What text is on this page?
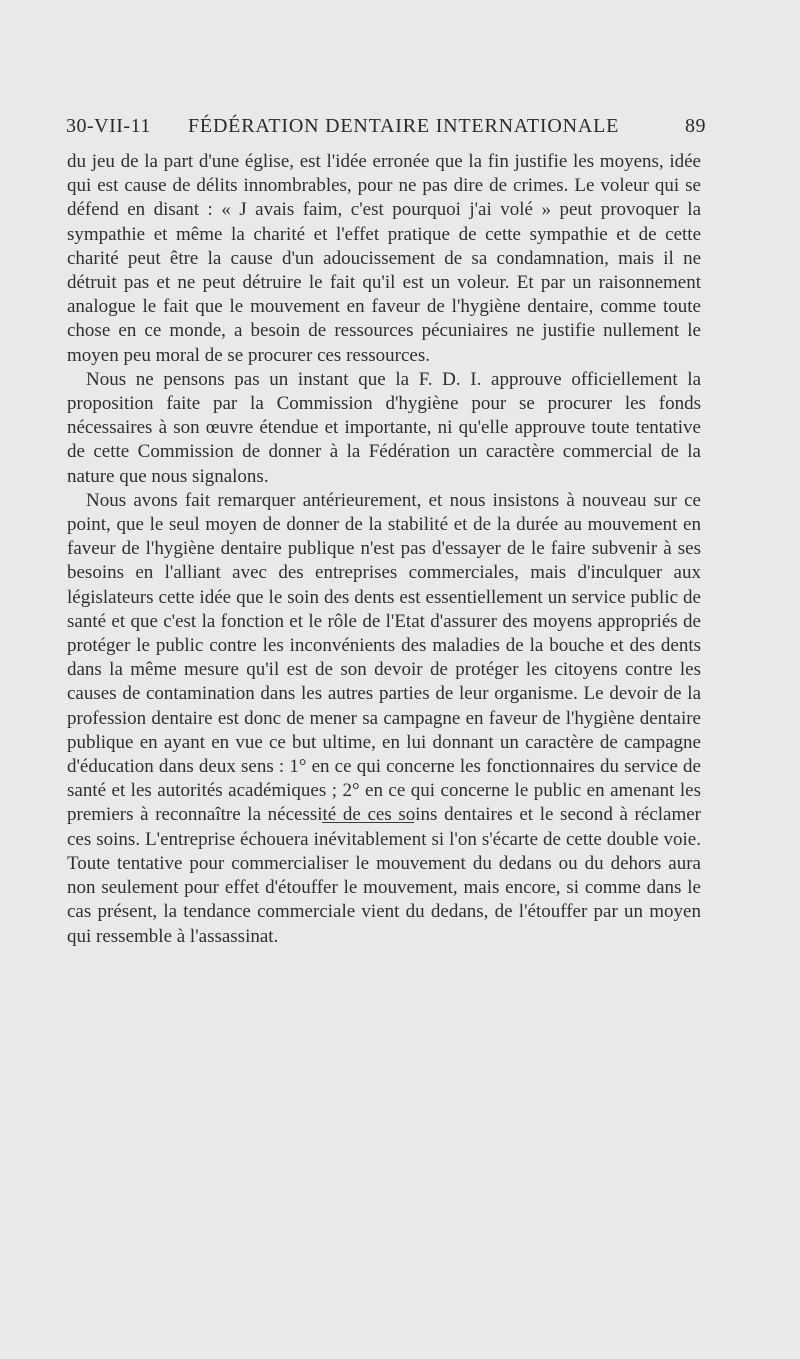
30-VII-11 FÉDÉRATION DENTAIRE INTERNATIONALE	89

du jeu de la part d'une église, est l'idée erronée que la fin justifie les moyens, idée qui est cause de délits innombrables, pour ne pas dire de crimes. Le voleur qui se défend en disant : « J avais faim, c'est pourquoi j'ai volé » peut provoquer la sympathie et même la charité et l'effet pratique de cette sympathie et de cette charité peut être la cause d'un adoucissement de sa condamnation, mais il ne détruit pas et ne peut détruire le fait qu'il est un voleur. Et par un raisonnement analogue le fait que le mouvement en faveur de l'hygiène dentaire, comme toute chose en ce monde, a besoin de ressources pécuniaires ne justifie nullement le moyen peu moral de se procurer ces ressources.

Nous ne pensons pas un instant que la F. D. I. approuve officiellement la proposition faite par la Commission d'hygiène pour se procurer les fonds nécessaires à son œuvre étendue et importante, ni qu'elle approuve toute tentative de cette Commission de donner à la Fédération un caractère commercial de la nature que nous signalons.

Nous avons fait remarquer antérieurement, et nous insistons à nouveau sur ce point, que le seul moyen de donner de la stabilité et de la durée au mouvement en faveur de l'hygiène dentaire publique n'est pas d'essayer de le faire subvenir à ses besoins en l'alliant avec des entreprises commerciales, mais d'inculquer aux législateurs cette idée que le soin des dents est essentiellement un service public de santé et que c'est la fonction et le rôle de l'Etat d'assurer des moyens appropriés de protéger le public contre les inconvénients des maladies de la bouche et des dents dans la même mesure qu'il est de son devoir de protéger les citoyens contre les causes de contamination dans les autres parties de leur organisme. Le devoir de la profession dentaire est donc de mener sa campagne en faveur de l'hygiène dentaire publique en ayant en vue ce but ultime, en lui donnant un caractère de campagne d'éducation dans deux sens : 1° en ce qui concerne les fonctionnaires du service de santé et les autorités académiques ; 2° en ce qui concerne le public en amenant les premiers à reconnaître la nécessité de ces soins dentaires et le second à réclamer ces soins. L'entreprise échouera inévitablement si l'on s'écarte de cette double voie. Toute tentative pour commercialiser le mouvement du dedans ou du dehors aura non seulement pour effet d'étouffer le mouvement, mais encore, si comme dans le cas présent, la tendance commerciale vient du dedans, de l'étouffer par un moyen qui ressemble à l'assassinat.
